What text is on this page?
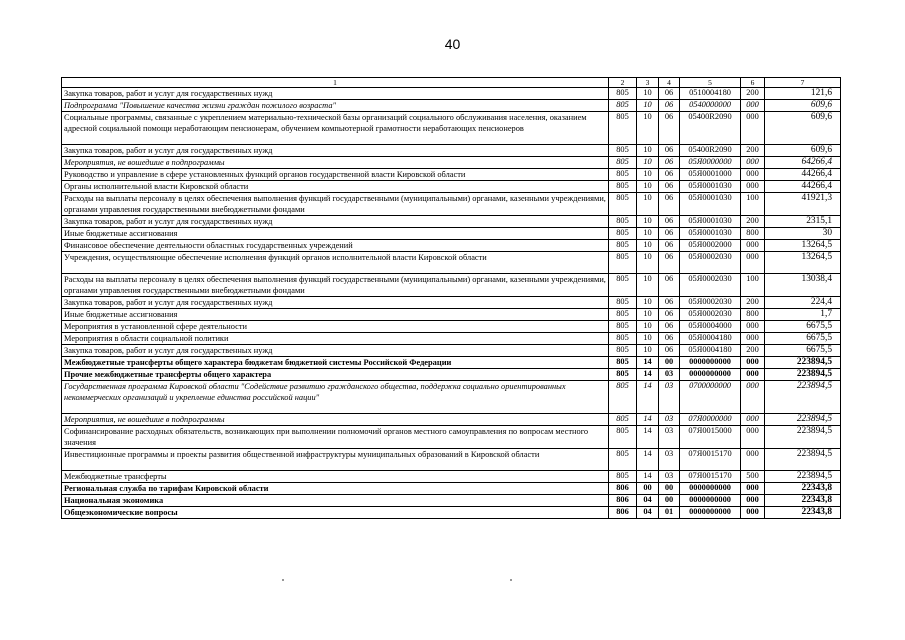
40
1	2	3	4	5	6	7
Закупка товаров, работ и услуг для государственных нужд	805	10	06	0510004180	200	121,6
Подпрограмма "Повышение качества жизни граждан пожилого возраста"	805	10	06	0540000000	000	609,6
Социальные программы, связанные с укреплением материально-технической базы организаций социального обслуживания населения, оказанием адресной социальной помощи неработающим пенсионерам, обучением компьютерной грамотности неработающих пенсионеров	805	10	06	05400R2090	000	609,6
Закупка товаров, работ и услуг для государственных нужд	805	10	06	05400R2090	200	609,6
Мероприятия, не вошедшие в подпрограммы	805	10	06	05Я0000000	000	64266,4
Руководство и управление в сфере установленных функций органов государственной власти Кировской области	805	10	06	05Я0001000	000	44266,4
Органы исполнительной власти Кировской области	805	10	06	05Я0001030	000	44266,4
Расходы на выплаты персоналу в целях обеспечения выполнения функций государственными (муниципальными) органами, казенными учреждениями, органами управления государственными внебюджетными фондами	805	10	06	05Я0001030	100	41921,3
Закупка товаров, работ и услуг для государственных нужд	805	10	06	05Я0001030	200	2315,1
Иные бюджетные ассигнования	805	10	06	05Я0001030	800	30
Финансовое обеспечение деятельности областных государственных учреждений	805	10	06	05Я0002000	000	13264,5
Учреждения, осуществляющие обеспечение исполнения функций органов исполнительной власти Кировской области	805	10	06	05Я0002030	000	13264,5
Расходы на выплаты персоналу в целях обеспечения выполнения функций государственными (муниципальными) органами, казенными учреждениями, органами управления государственными внебюджетными фондами	805	10	06	05Я0002030	100	13038,4
Закупка товаров, работ и услуг для государственных нужд	805	10	06	05Я0002030	200	224,4
Иные бюджетные ассигнования	805	10	06	05Я0002030	800	1,7
Мероприятия в установленной сфере деятельности	805	10	06	05Я0004000	000	6675,5
Мероприятия в области социальной политики	805	10	06	05Я0004180	000	6675,5
Закупка товаров, работ и услуг для государственных нужд	805	10	06	05Я0004180	200	6675,5
Межбюджетные трансферты общего характера бюджетам бюджетной системы Российской Федерации	805	14	00	0000000000	000	223894,5
Прочие межбюджетные трансферты общего характера	805	14	03	0000000000	000	223894,5
Государственная программа Кировской области "Содействие развитию гражданского общества, поддержка социально ориентированных некоммерческих организаций и укрепление единства российской нации"	805	14	03	0700000000	000	223894,5
Мероприятия, не вошедшие в подпрограммы	805	14	03	07Я0000000	000	223894,5
Софинансирование расходных обязательств, возникающих при выполнении полномочий органов местного самоуправления по вопросам местного значения	805	14	03	07Я0015000	000	223894,5
Инвестиционные программы и проекты развития общественной инфраструктуры муниципальных образований в Кировской области	805	14	03	07Я0015170	000	223894,5
Межбюджетные трансферты	805	14	03	07Я0015170	500	223894,5
Региональная служба по тарифам Кировской области	806	00	00	0000000000	000	22343,8
Национальная экономика	806	04	00	0000000000	000	22343,8
Общеэкономические вопросы	806	04	01	0000000000	000	22343,8
